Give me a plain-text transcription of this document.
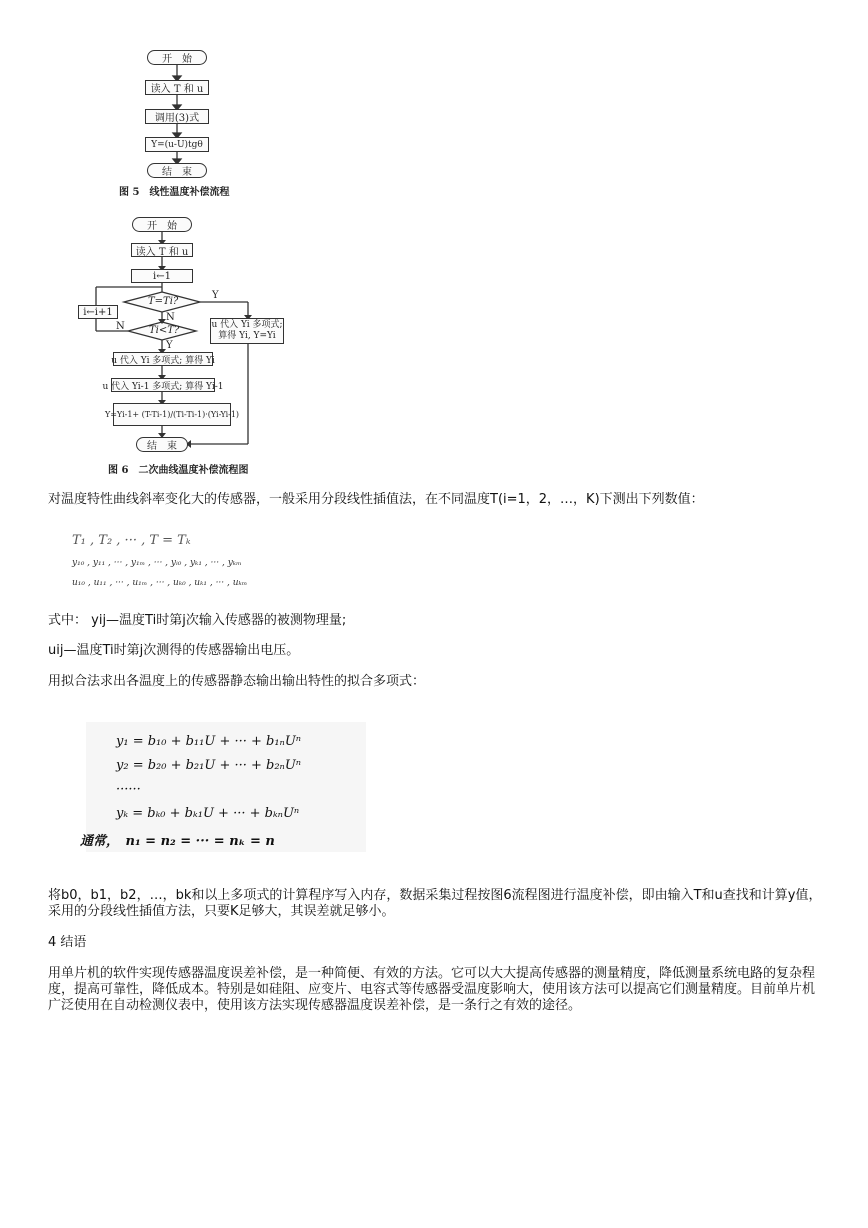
开　始
读入 T 和 u
调用(3)式
Y=(u-U)tgθ
结　束
图 5　线性温度补偿流程
开　始
读入 T 和 u
i←1
T=Ti?
Ti<T?
i←i+1
u 代入 Yi 多项式;
算得 Yi, Y=Yi
u 代入 Yi 多项式; 算得 Yi
u 代入 Yi-1 多项式; 算得 Yi-1
Y=Yi-1+ (T-Ti-1)/(Ti-Ti-1)·(Yi-Yi-1)
结　束
Y
N
N
Y
图 6　二次曲线温度补偿流程图
对温度特性曲线斜率变化大的传感器，一般采用分段线性插值法，在不同温度T(i=1，2，…，K)下测出下列数值：
T₁ , T₂ , ··· , T = Tₖ
y₁₀ , y₁₁ , ··· , y₁ₘ , ··· , yᵢ₀ , yₖ₁ , ··· , yₖₘ
u₁₀ , u₁₁ , ··· , u₁ₘ , ··· , uₖ₀ , uₖ₁ , ··· , uₖₘ
式中： yij—温度Ti时第j次输入传感器的被测物理量;
uij—温度Ti时第j次测得的传感器输出电压。
用拟合法求出各温度上的传感器静态输出输出特性的拟合多项式：
y₁ = b₁₀ + b₁₁U + ··· + b₁ₙUⁿ
y₂ = b₂₀ + b₂₁U + ··· + b₂ₙUⁿ
······
yₖ = bₖ₀ + bₖ₁U + ··· + bₖₙUⁿ
通常，　n₁ = n₂ = ··· = nₖ = n
将b0，b1，b2，…，bk和以上多项式的计算程序写入内存，数据采集过程按图6流程图进行温度补偿，即由输入T和u查找和计算y值，采用的分段线性插值方法，只要K足够大，其误差就足够小。
4 结语
用单片机的软件实现传感器温度误差补偿，是一种简便、有效的方法。它可以大大提高传感器的测量精度，降低测量系统电路的复杂程度，提高可靠性，降低成本。特别是如硅阻、应变片、电容式等传感器受温度影响大，使用该方法可以提高它们测量精度。目前单片机广泛使用在自动检测仪表中，使用该方法实现传感器温度误差补偿，是一条行之有效的途径。
